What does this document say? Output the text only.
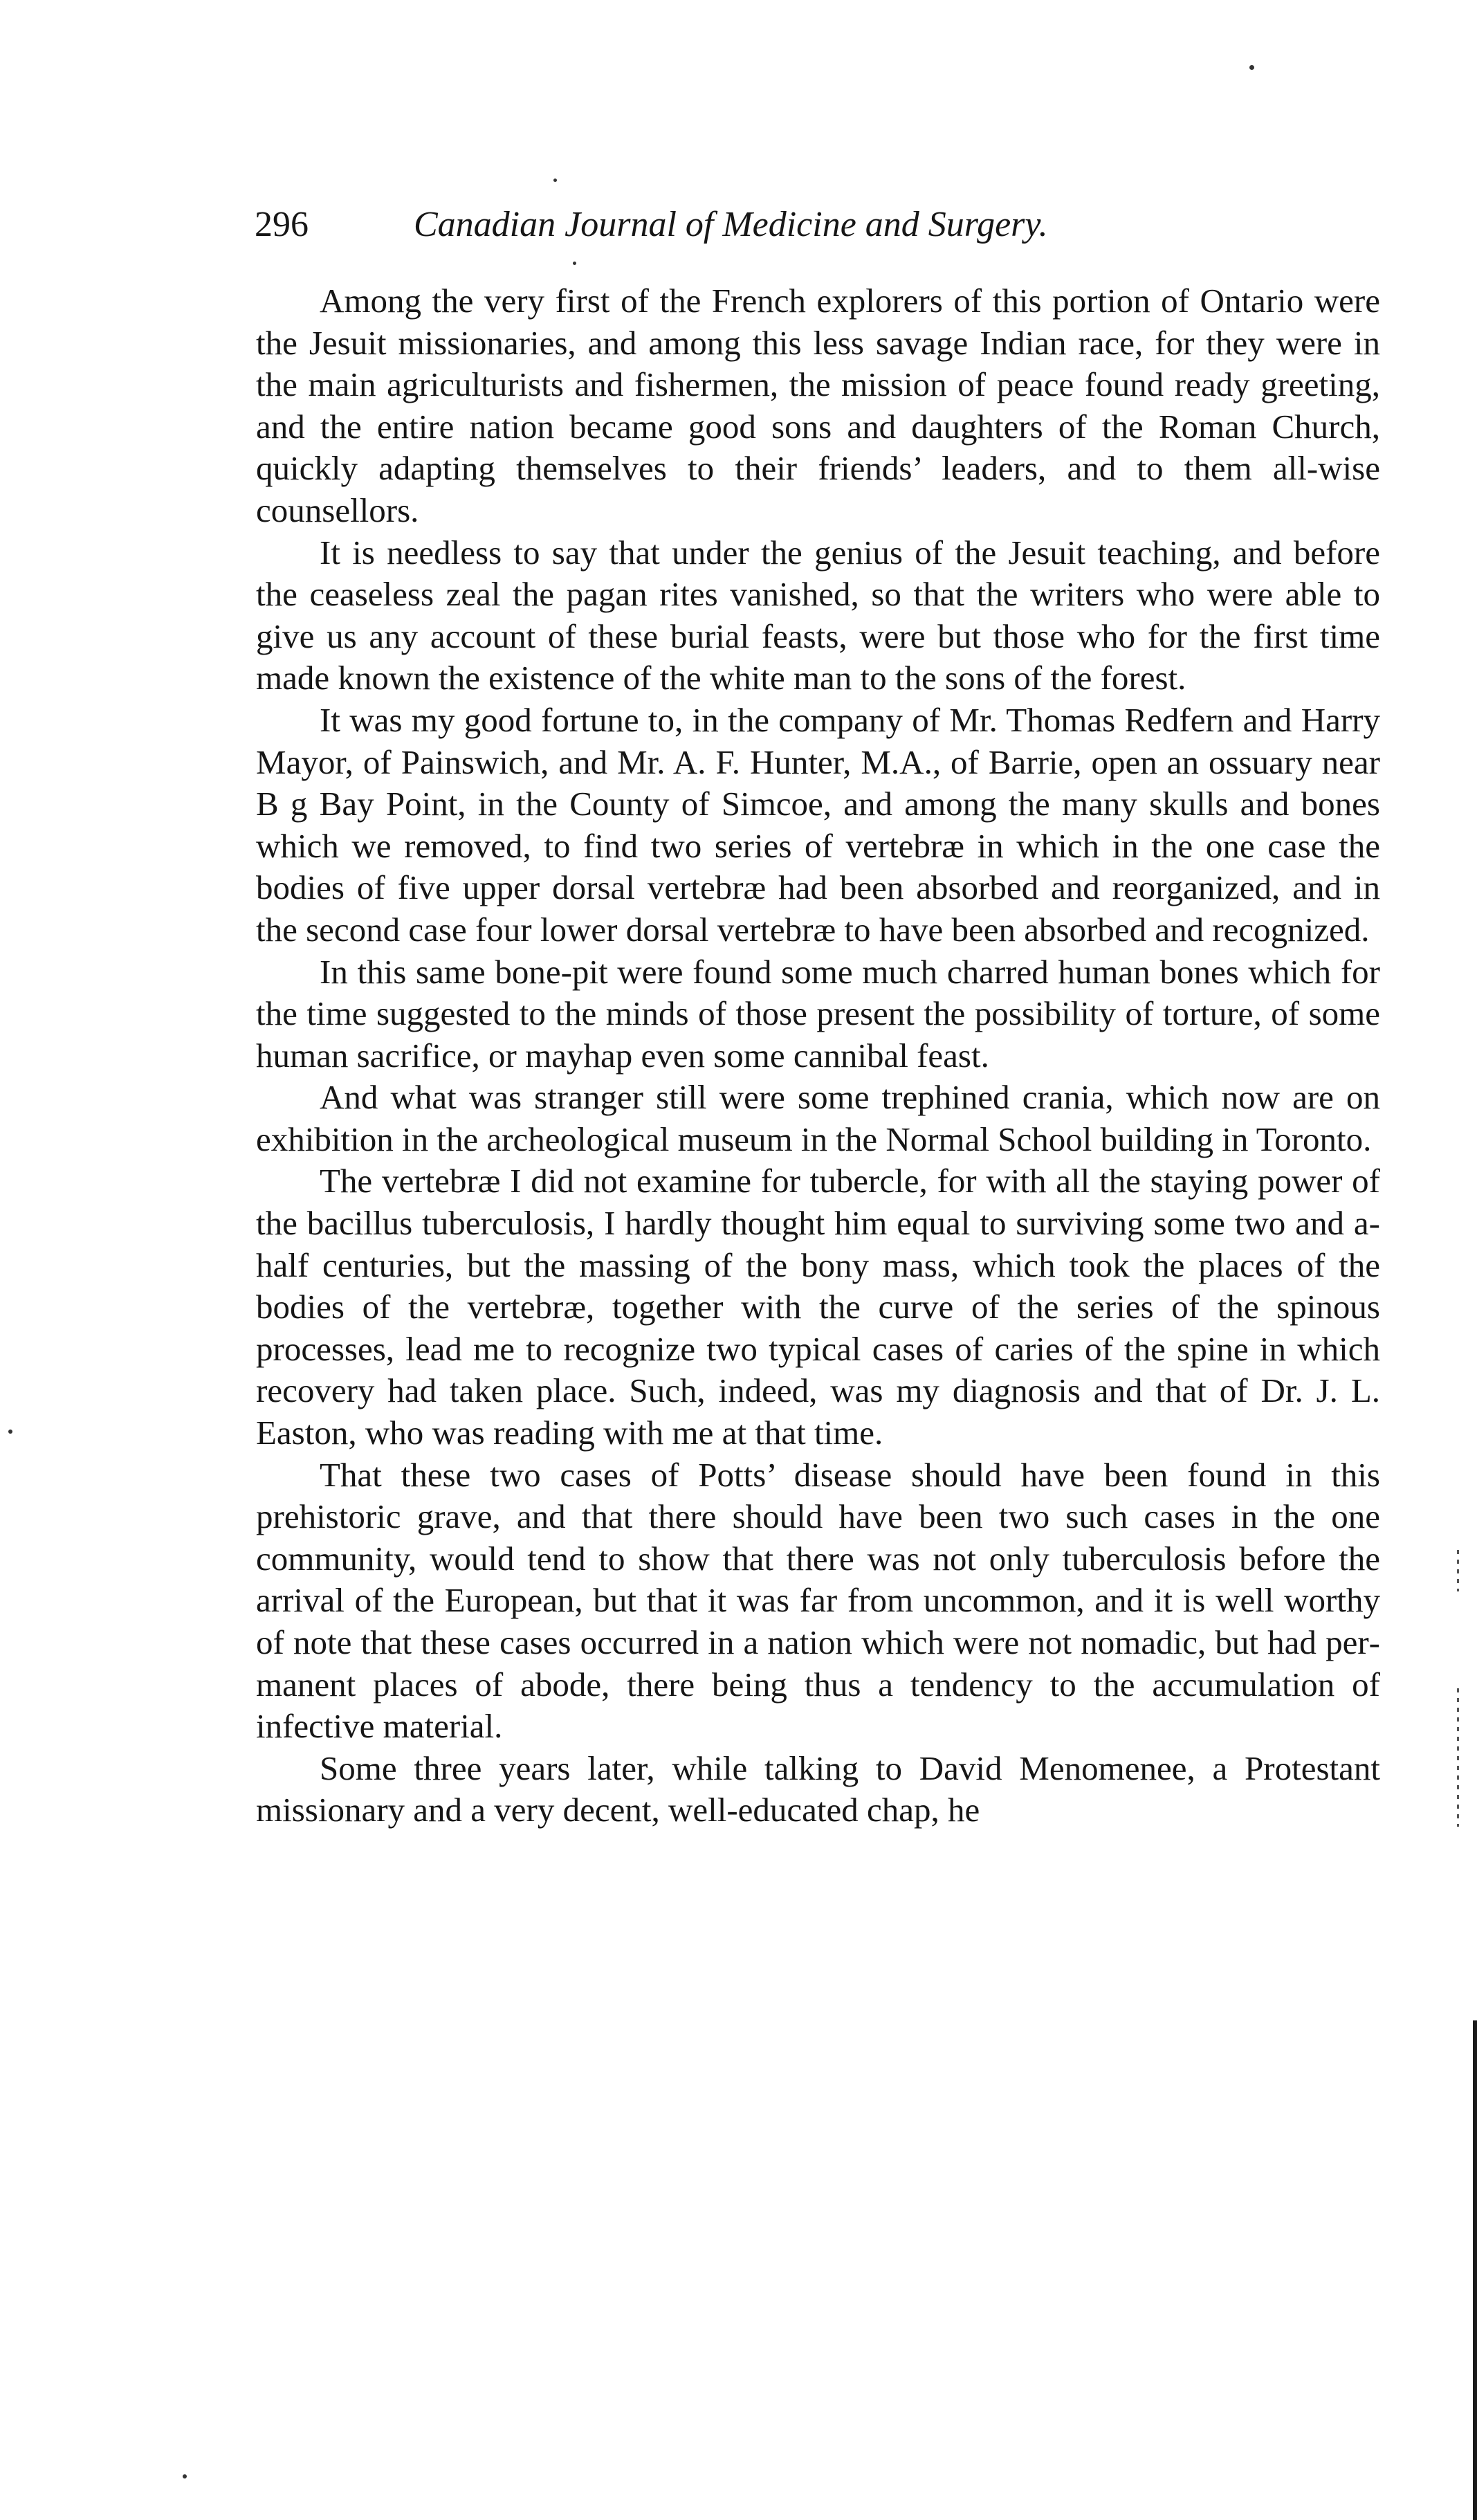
296	Canadian Journal of Medicine and Surgery.

Among the very first of the French explorers of this portion of Ontario were the Jesuit missionaries, and among this less savage Indian race, for they were in the main agriculturists and fishermen, the mission of peace found ready greeting, and the entire nation became good sons and daughters of the Roman Church, quickly adapting themselves to their friends’ leaders, and to them all-wise counsellors.

It is needless to say that under the genius of the Jesuit teaching, and before the ceaseless zeal the pagan rites vanished, so that the writers who were able to give us any account of these burial feasts, were but those who for the first time made known the existence of the white man to the sons of the forest.

It was my good fortune to, in the company of Mr. Thomas Redfern and Harry Mayor, of Painswich, and Mr. A. F. Hunter, M.A., of Barrie, open an ossuary near B g Bay Point, in the County of Simcoe, and among the many skulls and bones which we removed, to find two series of vertebræ in which in the one case the bodies of five upper dorsal vertebræ had been absorbed and reorganized, and in the second case four lower dorsal vertebræ to have been absorbed and recognized.

In this same bone-pit were found some much charred human bones which for the time suggested to the minds of those present the possibility of torture, of some human sacrifice, or mayhap even some cannibal feast.

And what was stranger still were some trephined crania, which now are on exhibition in the archeological museum in the Normal School building in Toronto.

The vertebræ I did not examine for tubercle, for with all the staying power of the bacillus tuberculosis, I hardly thought him equal to surviving some two and a-half centuries, but the massing of the bony mass, which took the places of the bodies of the vertebræ, together with the curve of the series of the spinous processes, lead me to recognize two typical cases of caries of the spine in which recovery had taken place. Such, indeed, was my diagnosis and that of Dr. J. L. Easton, who was reading with me at that time.

That these two cases of Potts’ disease should have been found in this prehistoric grave, and that there should have been two such cases in the one community, would tend to show that there was not only tuberculosis before the arrival of the European, but that it was far from uncommon, and it is well worthy of note that these cases occurred in a nation which were not nomadic, but had permanent places of abode, there being thus a tendency to the accumulation of infective material.

Some three years later, while talking to David Menomenee, a Protestant missionary and a very decent, well-educated chap, he
